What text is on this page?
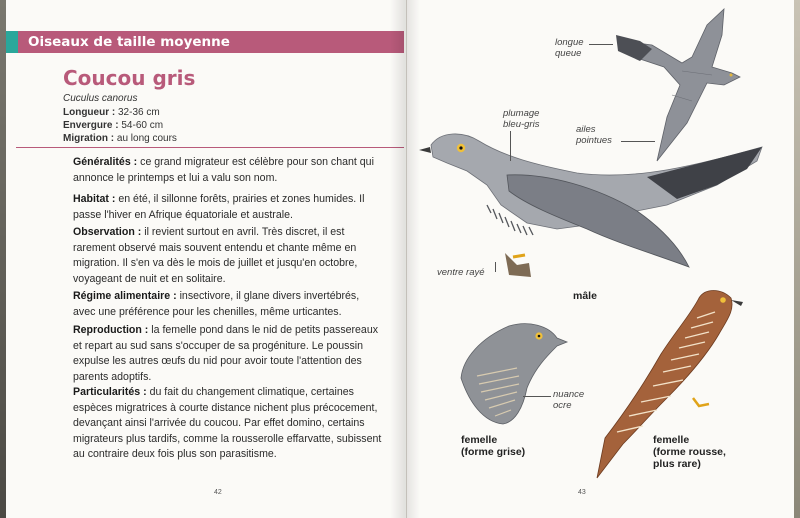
Oiseaux de taille moyenne
Coucou gris
Cuculus canorus
Longueur : 32-36 cm
Envergure : 54-60 cm
Migration : au long cours

Généralités : ce grand migrateur est célèbre pour son chant qui annonce le printemps et lui a valu son nom.

Habitat : en été, il sillonne forêts, prairies et zones humides. Il passe l'hiver en Afrique équatoriale et australe.

Observation : il revient surtout en avril. Très discret, il est rarement observé mais souvent entendu et chante même en migration. Il s'en va dès le mois de juillet et jusqu'en octobre, voyageant de nuit et en solitaire.

Régime alimentaire : insectivore, il glane divers invertébrés, avec une préférence pour les chenilles, même urticantes.

Reproduction : la femelle pond dans le nid de petits passereaux et repart au sud sans s'occuper de sa progéniture. Le poussin expulse les autres œufs du nid pour avoir toute l'attention des parents adoptifs.

Particularités : du fait du changement climatique, certaines espèces migratrices à courte distance nichent plus précocement, devançant ainsi l'arrivée du coucou. Par effet domino, certains migrateurs plus tardifs, comme la rousserolle effarvatte, subissent au contraire deux fois plus son parasitisme.

42
longue
queue
plumage
bleu-gris	ailes
pointues
ventre rayé
mâle
nuance
ocre
femelle
(forme grise)
femelle
(forme rousse,
plus rare)
43
